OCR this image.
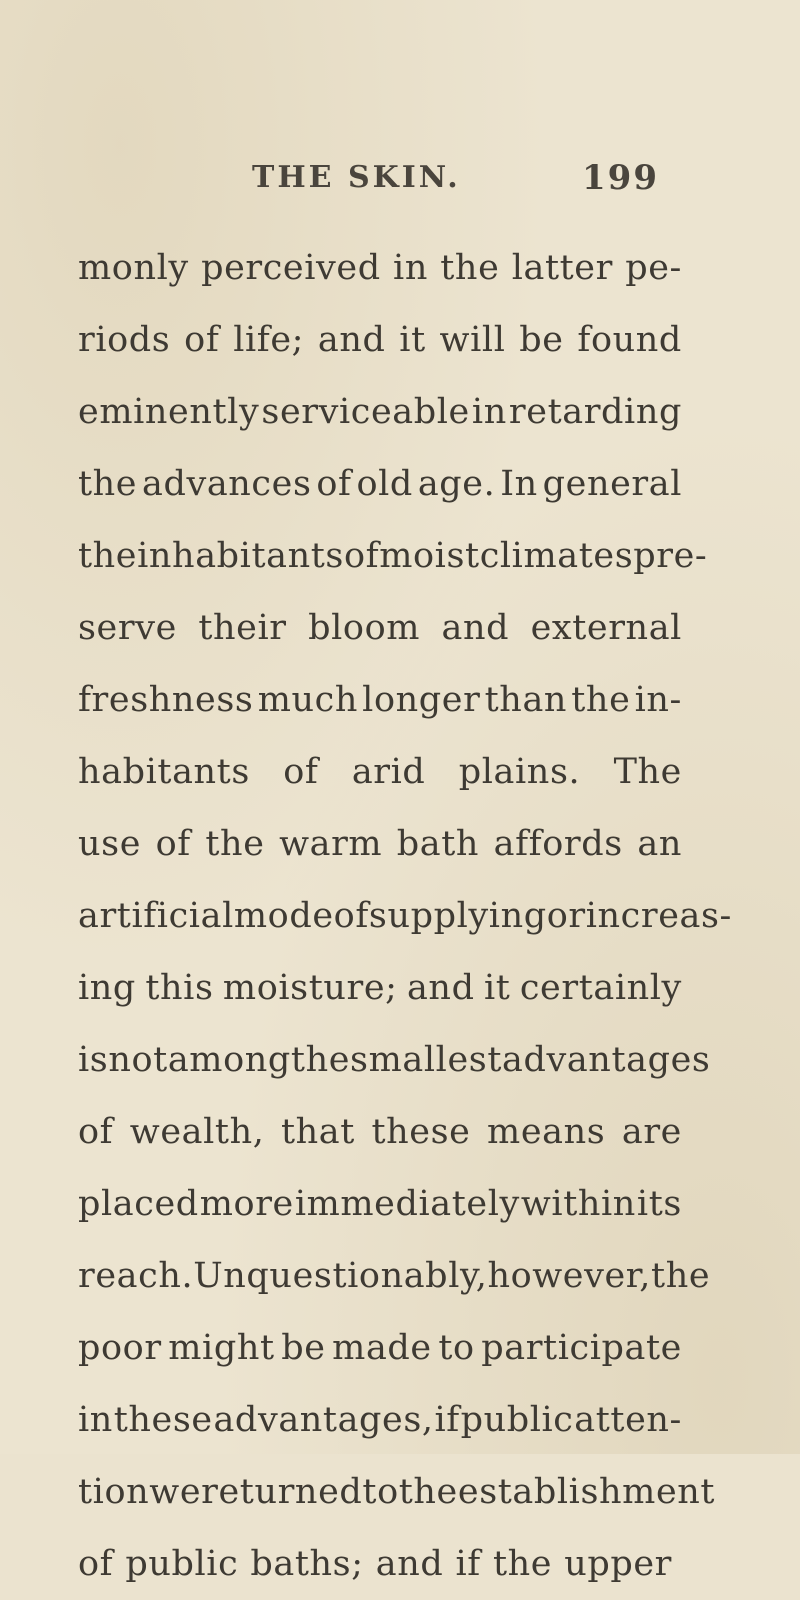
THE SKIN.	199
monly perceived in the latter pe-
riods of life; and it will be found
eminently serviceable in retarding
the advances of old age. In general
the inhabitants of moist climates pre-
serve their bloom and external
freshness much longer than the in-
habitants of arid plains. The
use of the warm bath affords an
artificial mode of supplying or increas-
ing this moisture; and it certainly
is not among the smallest advantages
of wealth, that these means are
placed more immediately within its
reach. Unquestionably, however, the
poor might be made to participate
in these advantages, if public atten-
tion were turned to the establishment
of public baths; and if the upper
